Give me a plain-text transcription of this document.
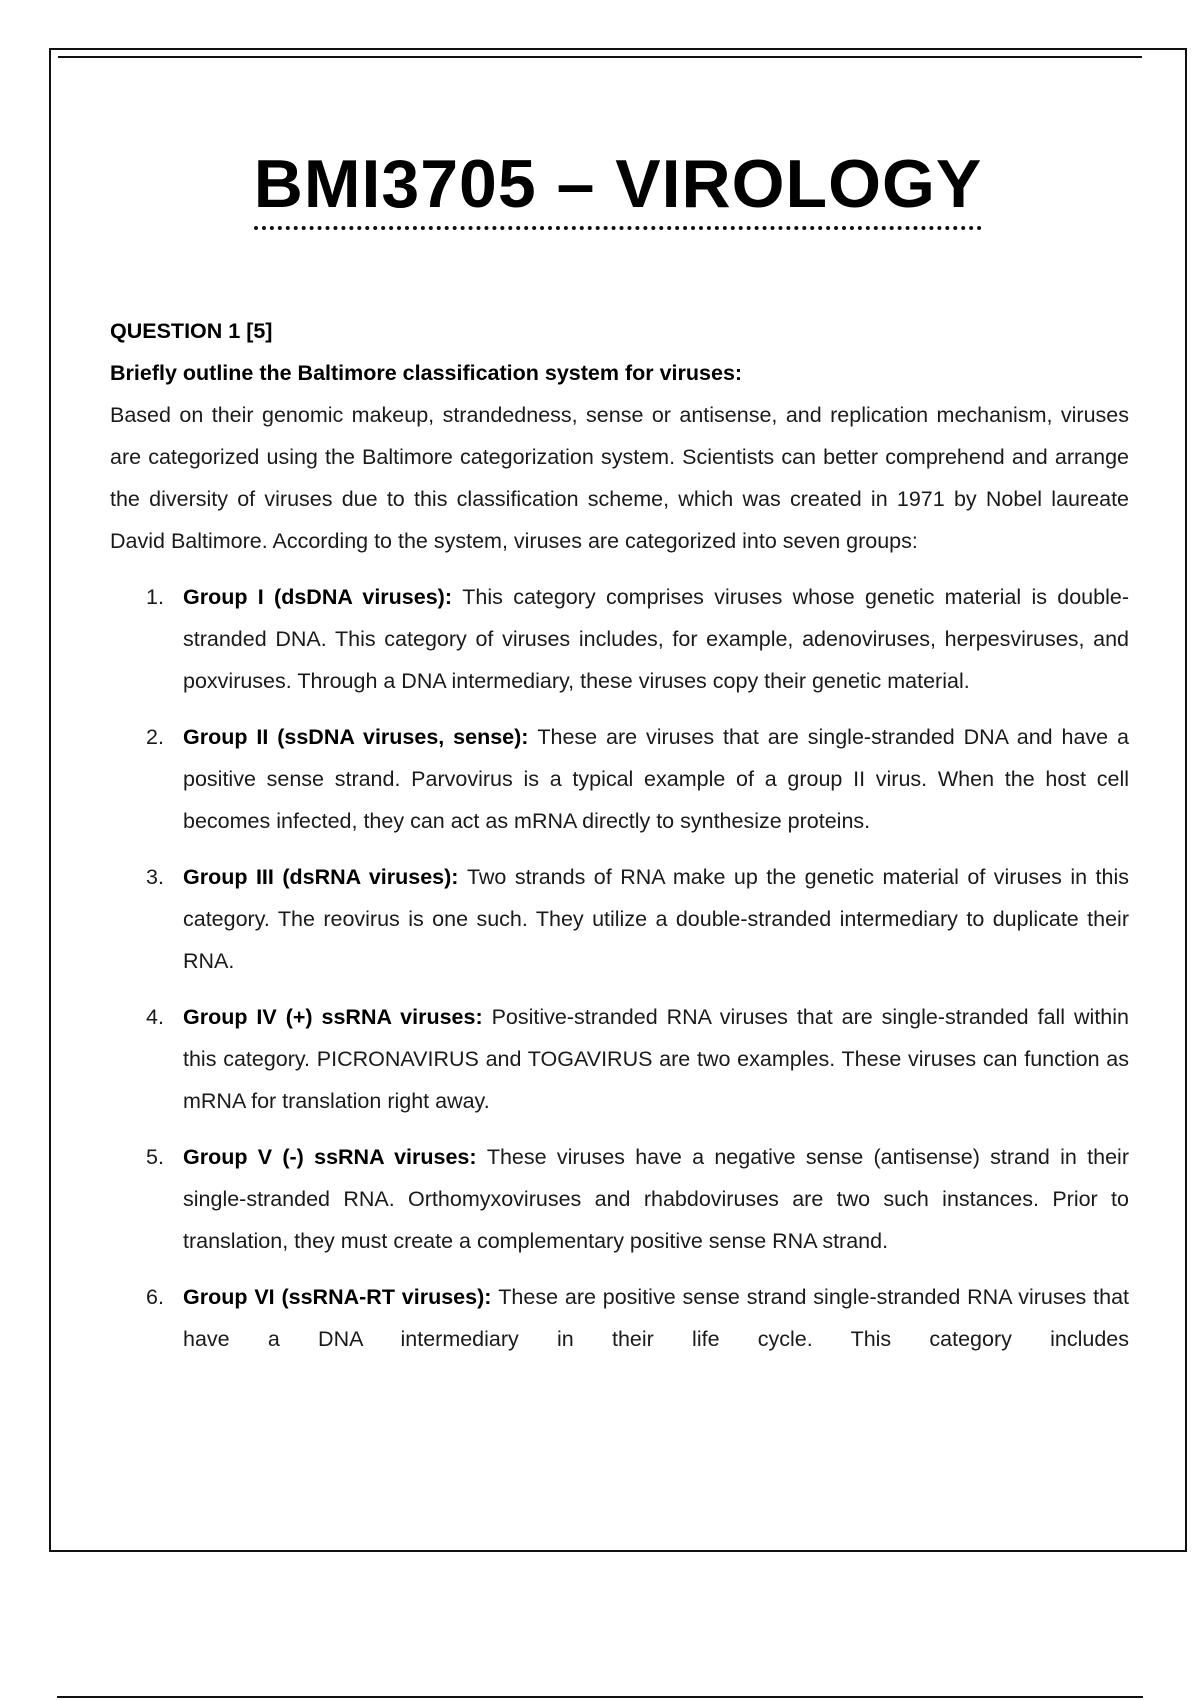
BMI3705 – VIROLOGY

QUESTION 1 [5]

Briefly outline the Baltimore classification system for viruses:

Based on their genomic makeup, strandedness, sense or antisense, and replication mechanism, viruses are categorized using the Baltimore categorization system. Scientists can better comprehend and arrange the diversity of viruses due to this classification scheme, which was created in 1971 by Nobel laureate David Baltimore. According to the system, viruses are categorized into seven groups:

1. Group I (dsDNA viruses): This category comprises viruses whose genetic material is double-stranded DNA. This category of viruses includes, for example, adenoviruses, herpesviruses, and poxviruses. Through a DNA intermediary, these viruses copy their genetic material.
2. Group II (ssDNA viruses, sense): These are viruses that are single-stranded DNA and have a positive sense strand. Parvovirus is a typical example of a group II virus. When the host cell becomes infected, they can act as mRNA directly to synthesize proteins.
3. Group III (dsRNA viruses): Two strands of RNA make up the genetic material of viruses in this category. The reovirus is one such. They utilize a double-stranded intermediary to duplicate their RNA.
4. Group IV (+) ssRNA viruses: Positive-stranded RNA viruses that are single-stranded fall within this category. PICRONAVIRUS and TOGAVIRUS are two examples. These viruses can function as mRNA for translation right away.
5. Group V (-) ssRNA viruses: These viruses have a negative sense (antisense) strand in their single-stranded RNA. Orthomyxoviruses and rhabdoviruses are two such instances. Prior to translation, they must create a complementary positive sense RNA strand.
6. Group VI (ssRNA-RT viruses): These are positive sense strand single-stranded RNA viruses that have a DNA intermediary in their life cycle. This category includes
